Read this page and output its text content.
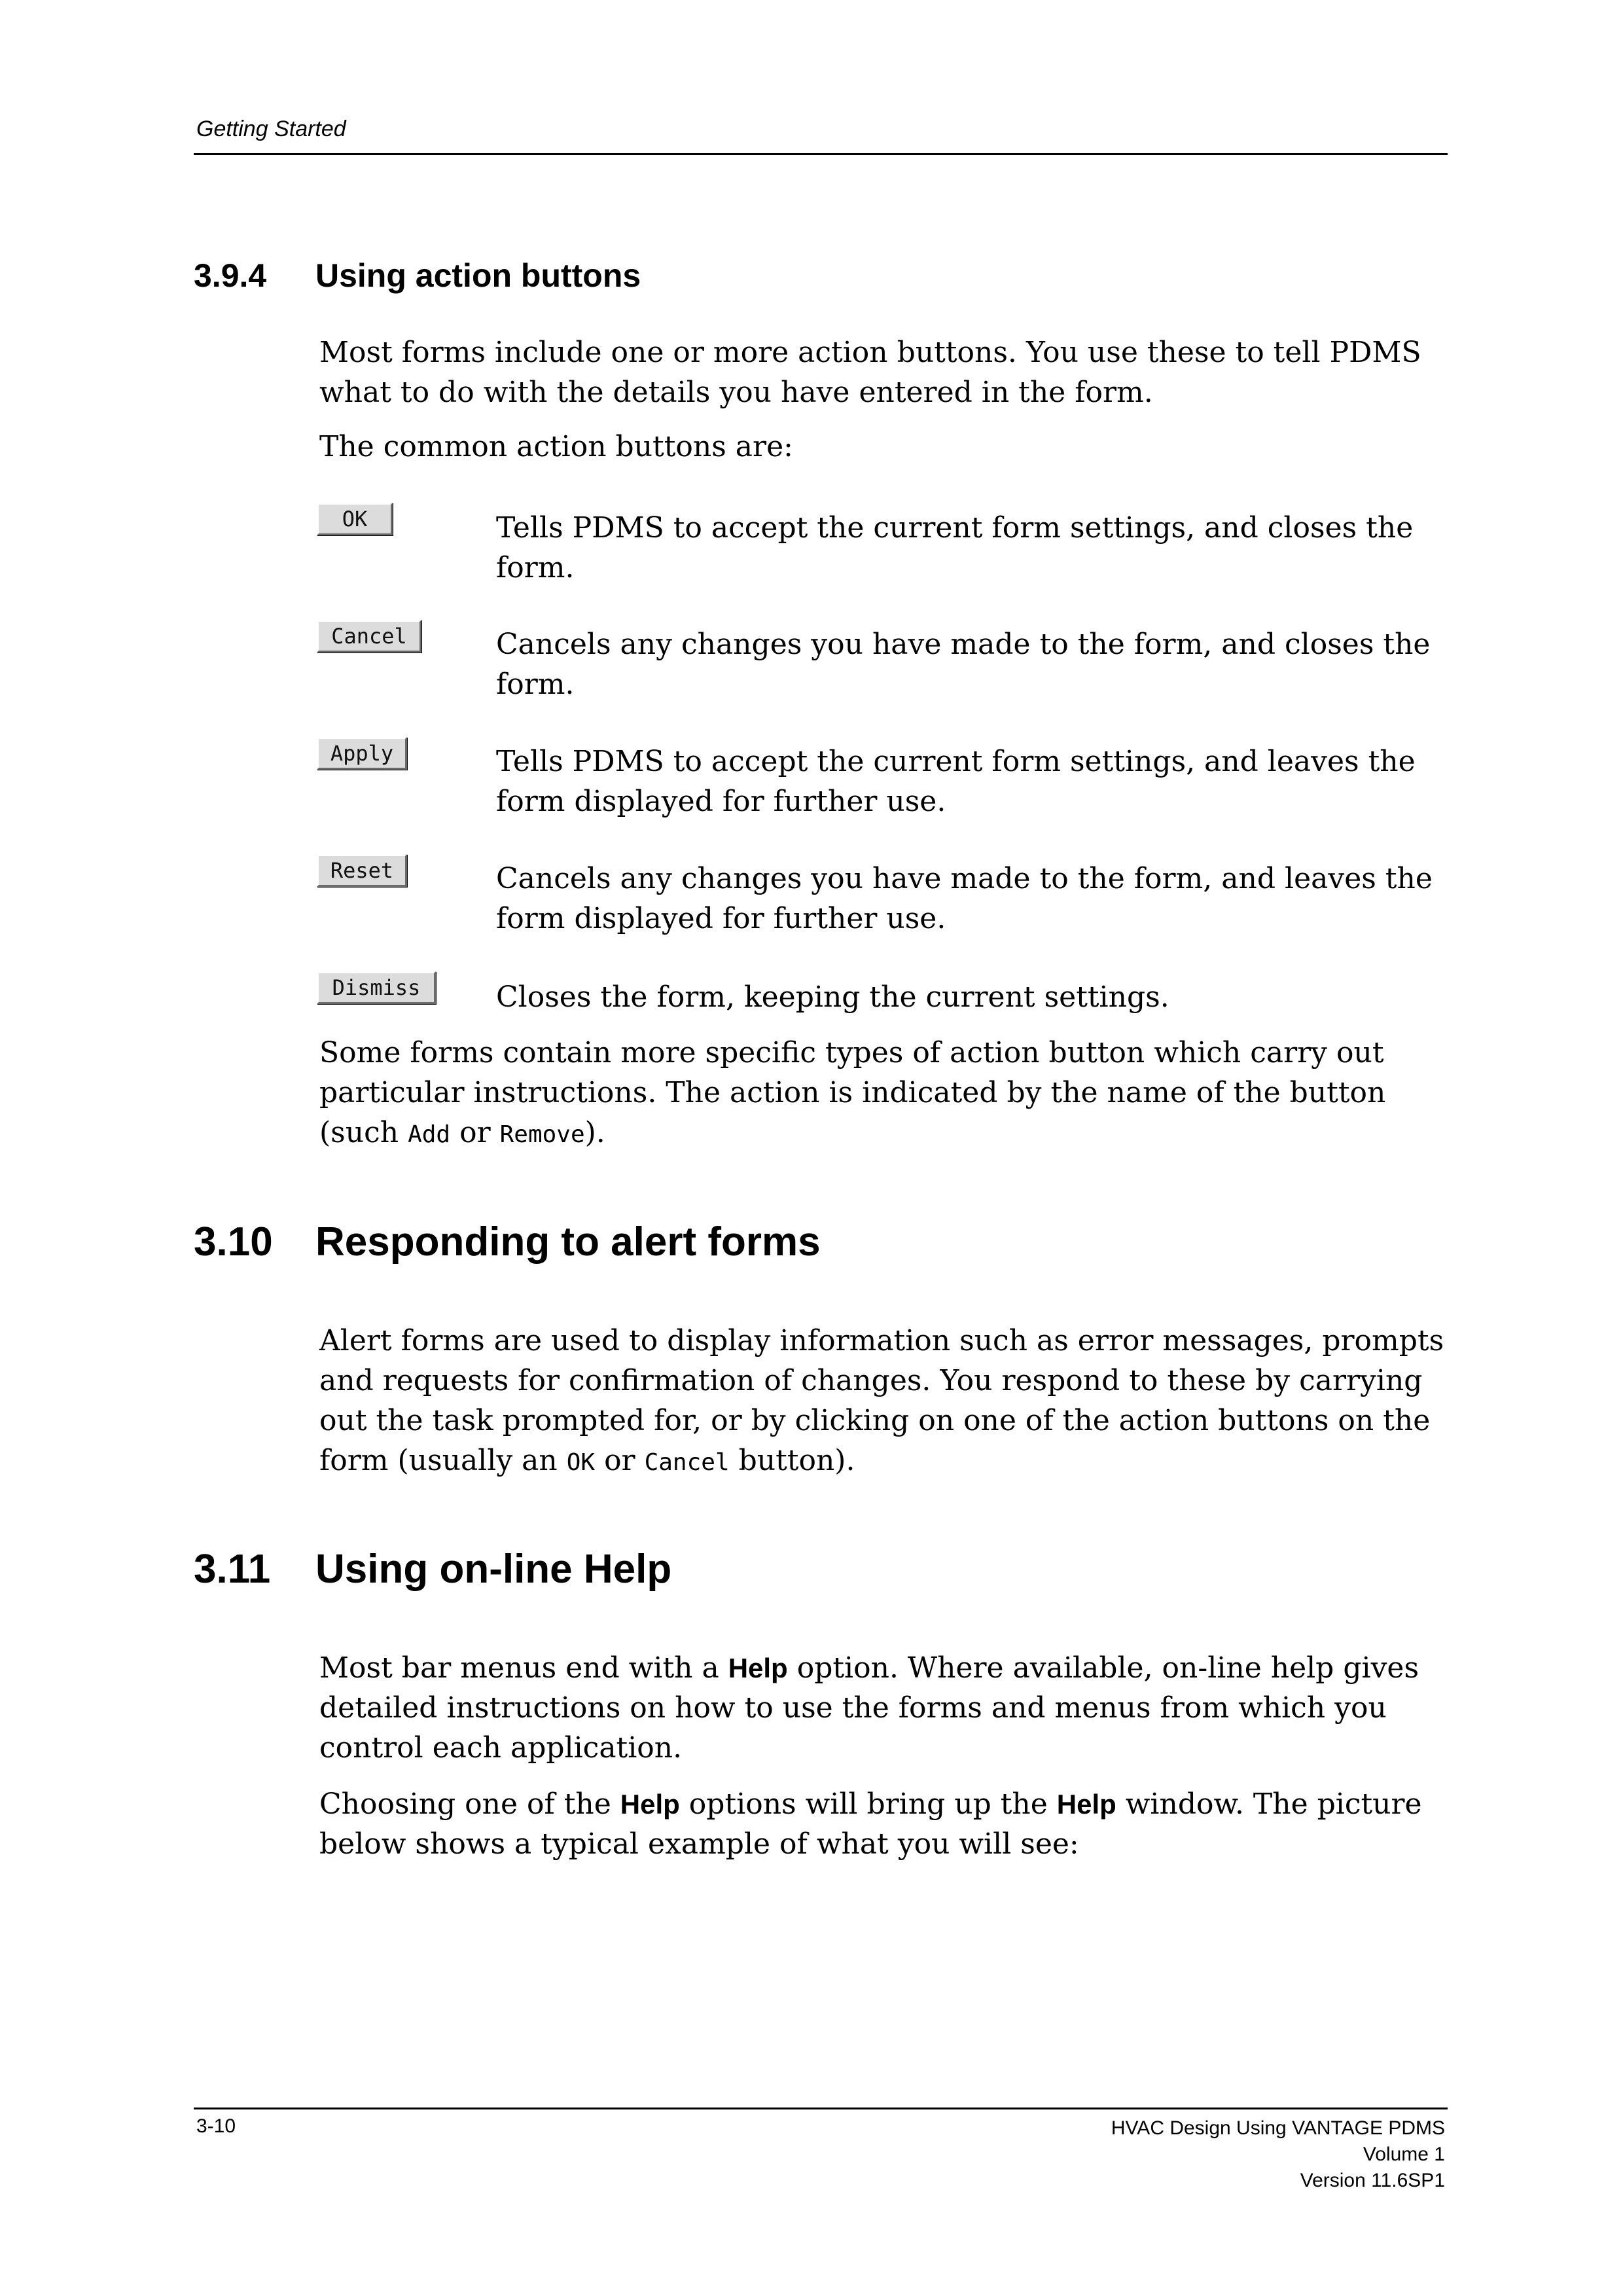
Getting Started
3.9.4 Using action buttons

Most forms include one or more action buttons. You use these to tell PDMS what to do with the details you have entered in the form.

The common action buttons are:

OK	Tells PDMS to accept the current form settings, and closes the form.

Cancel	Cancels any changes you have made to the form, and closes the form.

Apply	Tells PDMS to accept the current form settings, and leaves the form displayed for further use.

Reset	Cancels any changes you have made to the form, and leaves the form displayed for further use.

Dismiss	Closes the form, keeping the current settings.

Some forms contain more specific types of action button which carry out particular instructions. The action is indicated by the name of the button (such Add or Remove).

3.10 Responding to alert forms

Alert forms are used to display information such as error messages, prompts and requests for confirmation of changes. You respond to these by carrying out the task prompted for, or by clicking on one of the action buttons on the form (usually an OK or Cancel button).

3.11 Using on-line Help

Most bar menus end with a Help option. Where available, on-line help gives detailed instructions on how to use the forms and menus from which you control each application.

Choosing one of the Help options will bring up the Help window. The picture below shows a typical example of what you will see:

3-10	HVAC Design Using VANTAGE PDMS
Volume 1
Version 11.6SP1
